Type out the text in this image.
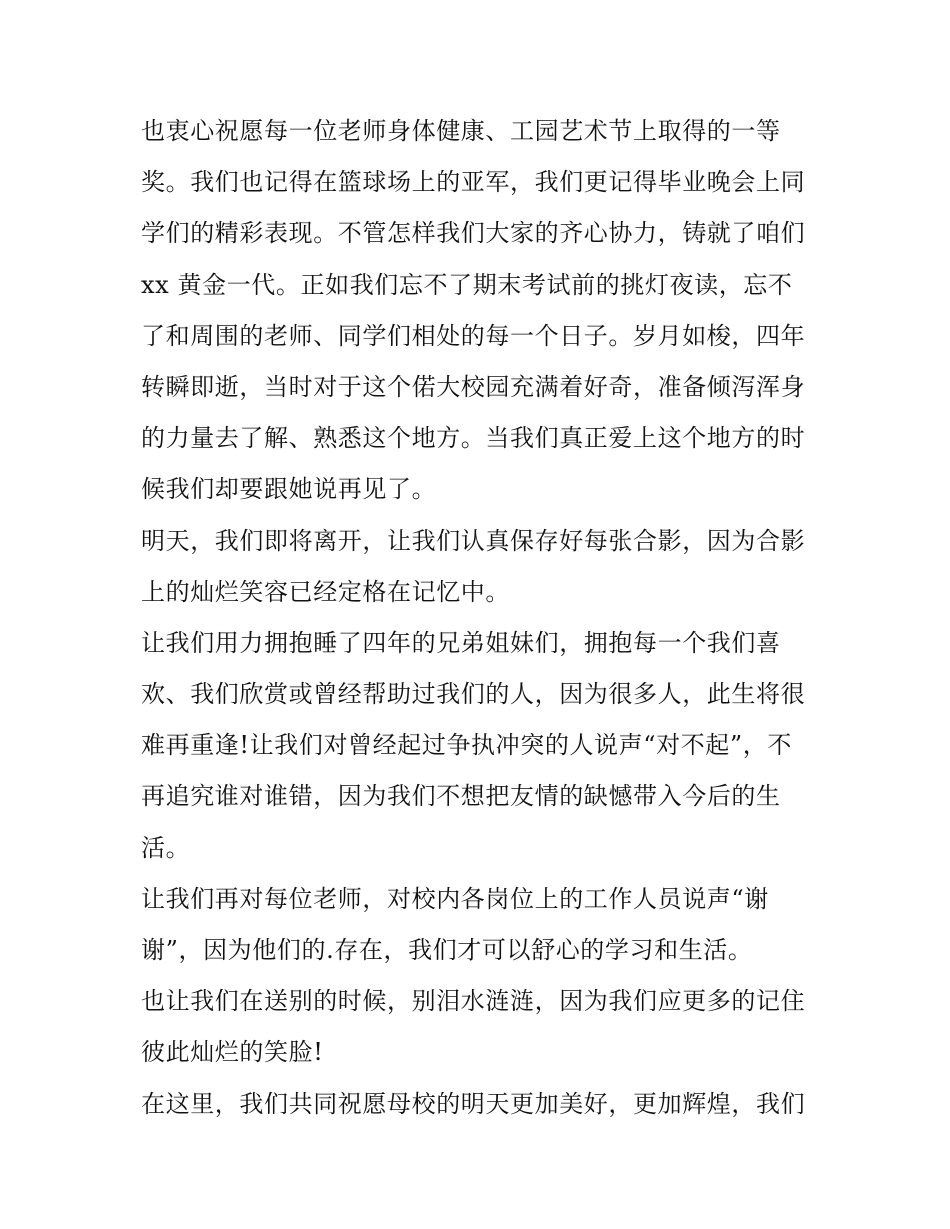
也衷心祝愿每一位老师身体健康、工园艺术节上取得的一等
奖。我们也记得在篮球场上的亚军，我们更记得毕业晚会上同
学们的精彩表现。不管怎样我们大家的齐心协力，铸就了咱们
xx 黄金一代。正如我们忘不了期末考试前的挑灯夜读，忘不
了和周围的老师、同学们相处的每一个日子。岁月如梭，四年
转瞬即逝，当时对于这个偌大校园充满着好奇，准备倾泻浑身
的力量去了解、熟悉这个地方。当我们真正爱上这个地方的时
候我们却要跟她说再见了。
明天，我们即将离开，让我们认真保存好每张合影，因为合影
上的灿烂笑容已经定格在记忆中。
让我们用力拥抱睡了四年的兄弟姐妹们，拥抱每一个我们喜
欢、我们欣赏或曾经帮助过我们的人，因为很多人，此生将很
难再重逢!让我们对曾经起过争执冲突的人说声“对不起”，不
再追究谁对谁错，因为我们不想把友情的缺憾带入今后的生
活。
让我们再对每位老师，对校内各岗位上的工作人员说声“谢
谢”，因为他们的.存在，我们才可以舒心的学习和生活。
也让我们在送别的时候，别泪水涟涟，因为我们应更多的记住
彼此灿烂的笑脸!
在这里，我们共同祝愿母校的明天更加美好，更加辉煌，我们
